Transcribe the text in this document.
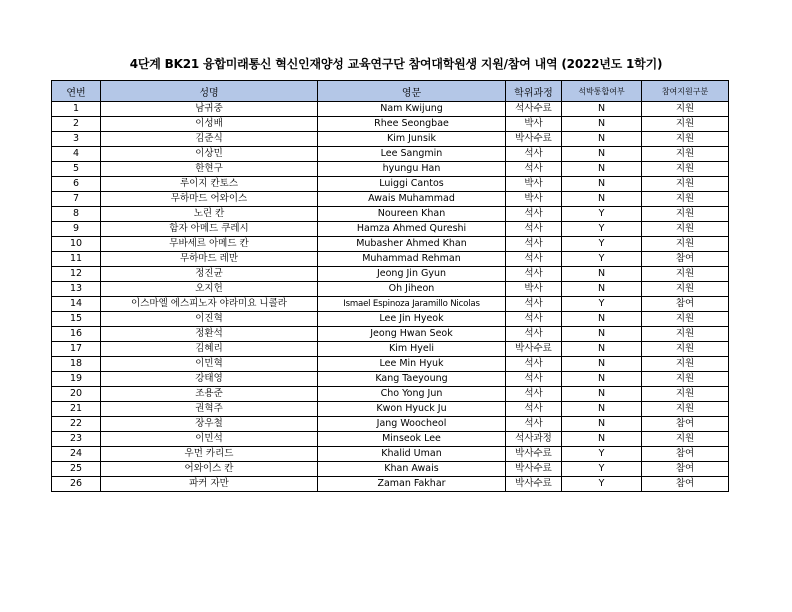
4단계 BK21 융합미래통신 혁신인재양성 교육연구단 참여대학원생 지원/참여 내역 (2022년도 1학기)
연번	성명	영문	학위과정	석박통합여부	참여지원구분
1	남귀중	Nam Kwijung	석사수료	N	지원
2	이성배	Rhee Seongbae	박사	N	지원
3	김준식	Kim Junsik	박사수료	N	지원
4	이상민	Lee Sangmin	석사	N	지원
5	한현구	hyungu Han	석사	N	지원
6	루이지 칸토스	Luiggi Cantos	박사	N	지원
7	무하마드 어와이스	Awais Muhammad	박사	N	지원
8	노린 칸	Noureen Khan	석사	Y	지원
9	함자 아메드 쿠레시	Hamza Ahmed Qureshi	석사	Y	지원
10	무바세르 아메드 칸	Mubasher Ahmed Khan	석사	Y	지원
11	무하마드 레만	Muhammad Rehman	석사	Y	참여
12	정진균	Jeong Jin Gyun	석사	N	지원
13	오지헌	Oh Jiheon	박사	N	지원
14	이스마엘 에스피노자 야라미요 니콜라	Ismael Espinoza Jaramillo Nicolas	석사	Y	참여
15	이진혁	Lee Jin Hyeok	석사	N	지원
16	정환석	Jeong Hwan Seok	석사	N	지원
17	김혜리	Kim Hyeli	박사수료	N	지원
18	이민혁	Lee Min Hyuk	석사	N	지원
19	강태영	Kang Taeyoung	석사	N	지원
20	조용준	Cho Yong Jun	석사	N	지원
21	권혁주	Kwon Hyuck Ju	석사	N	지원
22	장우철	Jang Woocheol	석사	N	참여
23	이민석	Minseok Lee	석사과정	N	지원
24	우먼 카리드	Khalid Uman	박사수료	Y	참여
25	어와이스 칸	Khan Awais	박사수료	Y	참여
26	파커 자만	Zaman Fakhar	박사수료	Y	참여
